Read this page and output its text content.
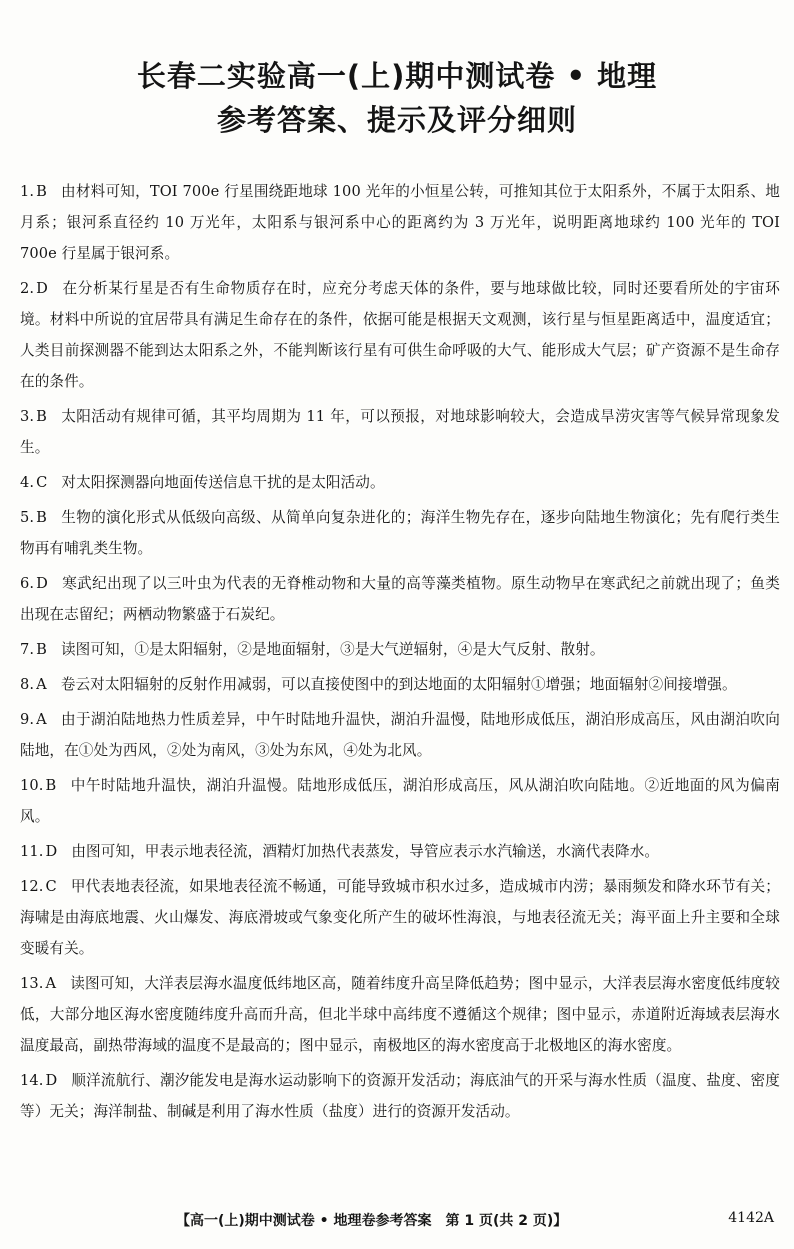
长春二实验高一(上)期中测试卷 • 地理
参考答案、提示及评分细则
1. B 由材料可知，TOI 700e 行星围绕距地球 100 光年的小恒星公转，可推知其位于太阳系外，不属于太阳系、地月系；银河系直径约 10 万光年，太阳系与银河系中心的距离约为 3 万光年，说明距离地球约 100 光年的 TOI 700e 行星属于银河系。
2. D 在分析某行星是否有生命物质存在时，应充分考虑天体的条件，要与地球做比较，同时还要看所处的宇宙环境。材料中所说的宜居带具有满足生命存在的条件，依据可能是根据天文观测，该行星与恒星距离适中，温度适宜；人类目前探测器不能到达太阳系之外，不能判断该行星有可供生命呼吸的大气、能形成大气层；矿产资源不是生命存在的条件。
3. B 太阳活动有规律可循，其平均周期为 11 年，可以预报，对地球影响较大，会造成旱涝灾害等气候异常现象发生。
4. C 对太阳探测器向地面传送信息干扰的是太阳活动。
5. B 生物的演化形式从低级向高级、从简单向复杂进化的；海洋生物先存在，逐步向陆地生物演化；先有爬行类生物再有哺乳类生物。
6. D 寒武纪出现了以三叶虫为代表的无脊椎动物和大量的高等藻类植物。原生动物早在寒武纪之前就出现了；鱼类出现在志留纪；两栖动物繁盛于石炭纪。
7. B 读图可知，①是太阳辐射，②是地面辐射，③是大气逆辐射，④是大气反射、散射。
8. A 卷云对太阳辐射的反射作用减弱，可以直接使图中的到达地面的太阳辐射①增强；地面辐射②间接增强。
9. A 由于湖泊陆地热力性质差异，中午时陆地升温快，湖泊升温慢，陆地形成低压，湖泊形成高压，风由湖泊吹向陆地，在①处为西风，②处为南风，③处为东风，④处为北风。
10. B 中午时陆地升温快，湖泊升温慢。陆地形成低压，湖泊形成高压，风从湖泊吹向陆地。②近地面的风为偏南风。
11. D 由图可知，甲表示地表径流，酒精灯加热代表蒸发，导管应表示水汽输送，水滴代表降水。
12. C 甲代表地表径流，如果地表径流不畅通，可能导致城市积水过多，造成城市内涝；暴雨频发和降水环节有关；海啸是由海底地震、火山爆发、海底滑坡或气象变化所产生的破坏性海浪，与地表径流无关；海平面上升主要和全球变暖有关。
13. A 读图可知，大洋表层海水温度低纬地区高，随着纬度升高呈降低趋势；图中显示，大洋表层海水密度低纬度较低，大部分地区海水密度随纬度升高而升高，但北半球中高纬度不遵循这个规律；图中显示，赤道附近海域表层海水温度最高，副热带海域的温度不是最高的；图中显示，南极地区的海水密度高于北极地区的海水密度。
14. D 顺洋流航行、潮汐能发电是海水运动影响下的资源开发活动；海底油气的开采与海水性质（温度、盐度、密度等）无关；海洋制盐、制碱是利用了海水性质（盐度）进行的资源开发活动。
【高一(上)期中测试卷 • 地理卷参考答案　第 1 页(共 2 页)】	4142A
